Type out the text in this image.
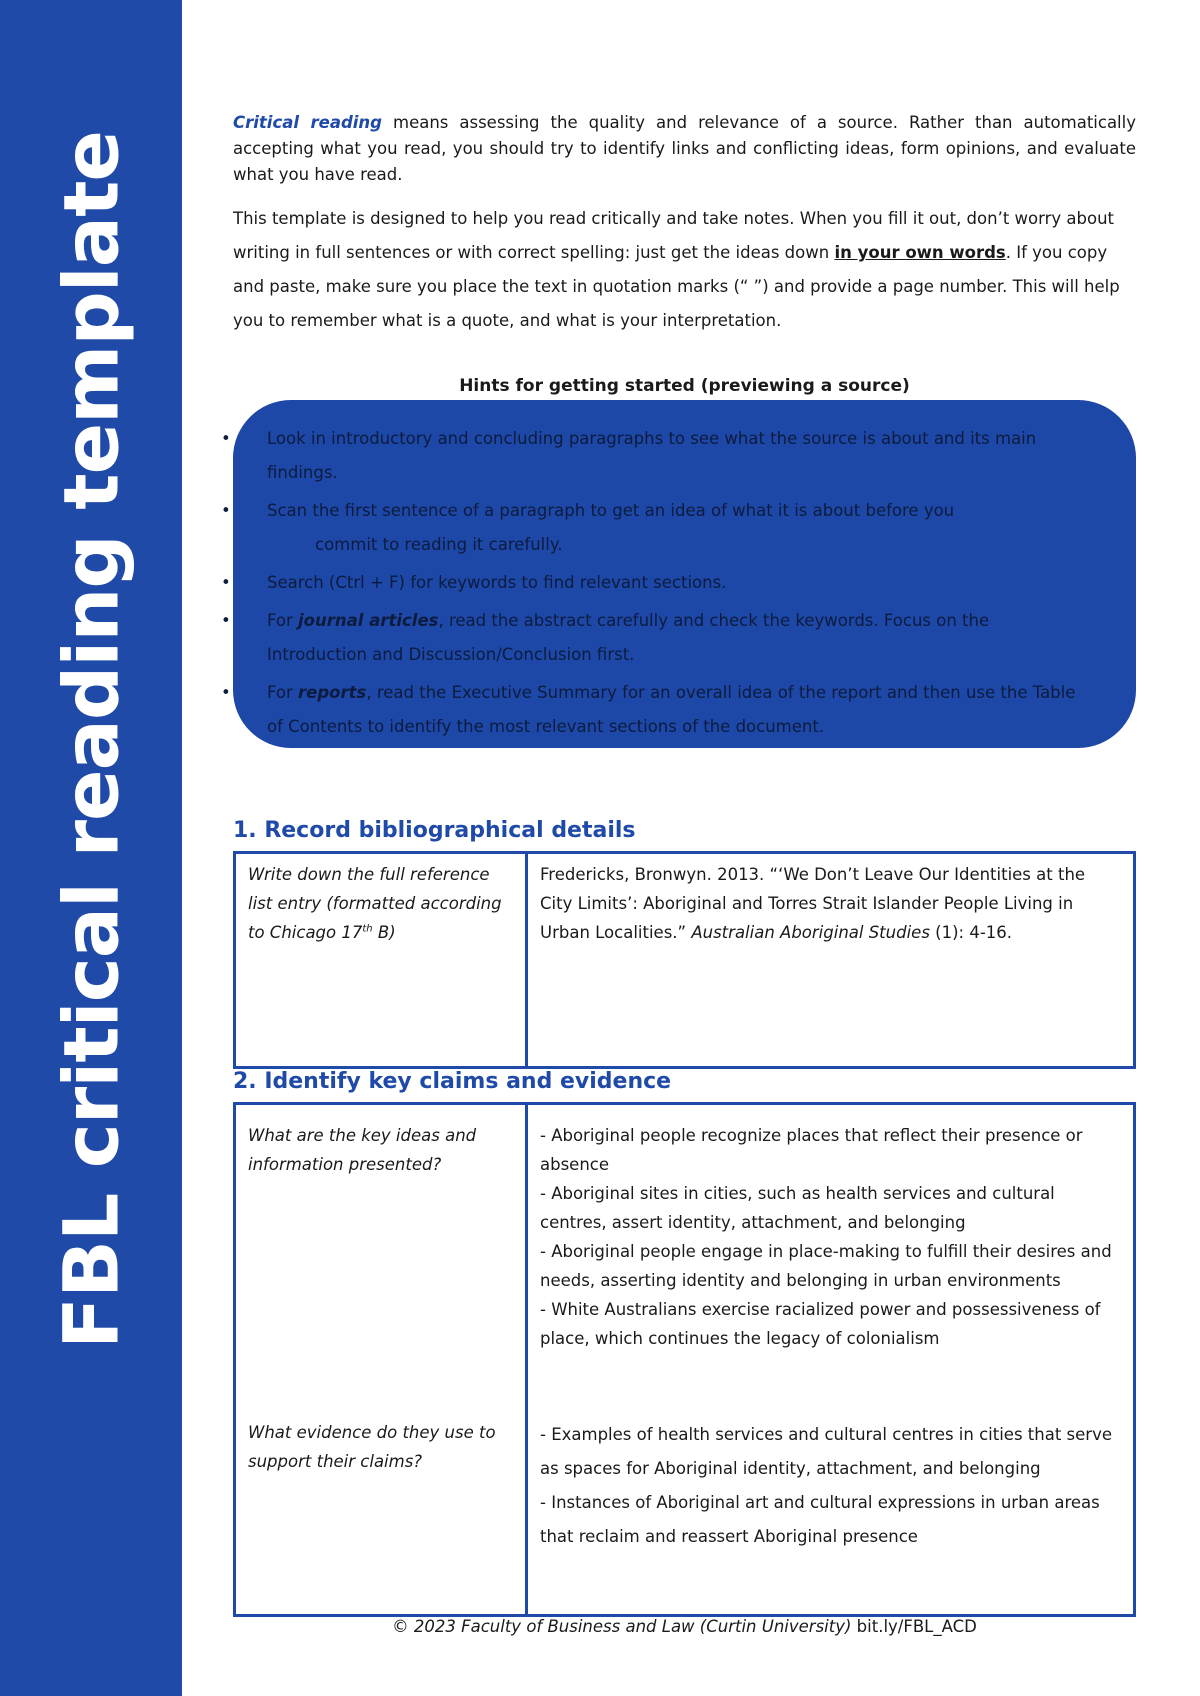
FBL critical reading template

Critical reading means assessing the quality and relevance of a source. Rather than automatically accepting what you read, you should try to identify links and conflicting ideas, form opinions, and evaluate what you have read.

This template is designed to help you read critically and take notes. When you fill it out, don’t worry about writing in full sentences or with correct spelling: just get the ideas down in your own words. If you copy and paste, make sure you place the text in quotation marks (“ ”) and provide a page number. This will help you to remember what is a quote, and what is your interpretation.

Hints for getting started (previewing a source)
• Look in introductory and concluding paragraphs to see what the source is about and its main findings.
• Scan the first sentence of a paragraph to get an idea of what it is about before you
commit to reading it carefully.
• Search (Ctrl + F) for keywords to find relevant sections.
• For journal articles, read the abstract carefully and check the keywords. Focus on the Introduction and Discussion/Conclusion first.
• For reports, read the Executive Summary for an overall idea of the report and then use the Table of Contents to identify the most relevant sections of the document.
1. Record bibliographical details
Write down the full reference list entry (formatted according to Chicago 17th B)	Fredericks, Bronwyn. 2013. “‘We Don’t Leave Our Identities at the City Limits’: Aboriginal and Torres Strait Islander People Living in Urban Localities.” Australian Aboriginal Studies (1): 4-16.
2. Identify key claims and evidence
What are the key ideas and information presented?	- Aboriginal people recognize places that reflect their presence or absence
- Aboriginal sites in cities, such as health services and cultural centres, assert identity, attachment, and belonging
- Aboriginal people engage in place-making to fulfill their desires and needs, asserting identity and belonging in urban environments
- White Australians exercise racialized power and possessiveness of place, which continues the legacy of colonialism

What evidence do they use to support their claims?	- Examples of health services and cultural centres in cities that serve as spaces for Aboriginal identity, attachment, and belonging
- Instances of Aboriginal art and cultural expressions in urban areas that reclaim and reassert Aboriginal presence
© 2023 Faculty of Business and Law (Curtin University) bit.ly/FBL_ACD
